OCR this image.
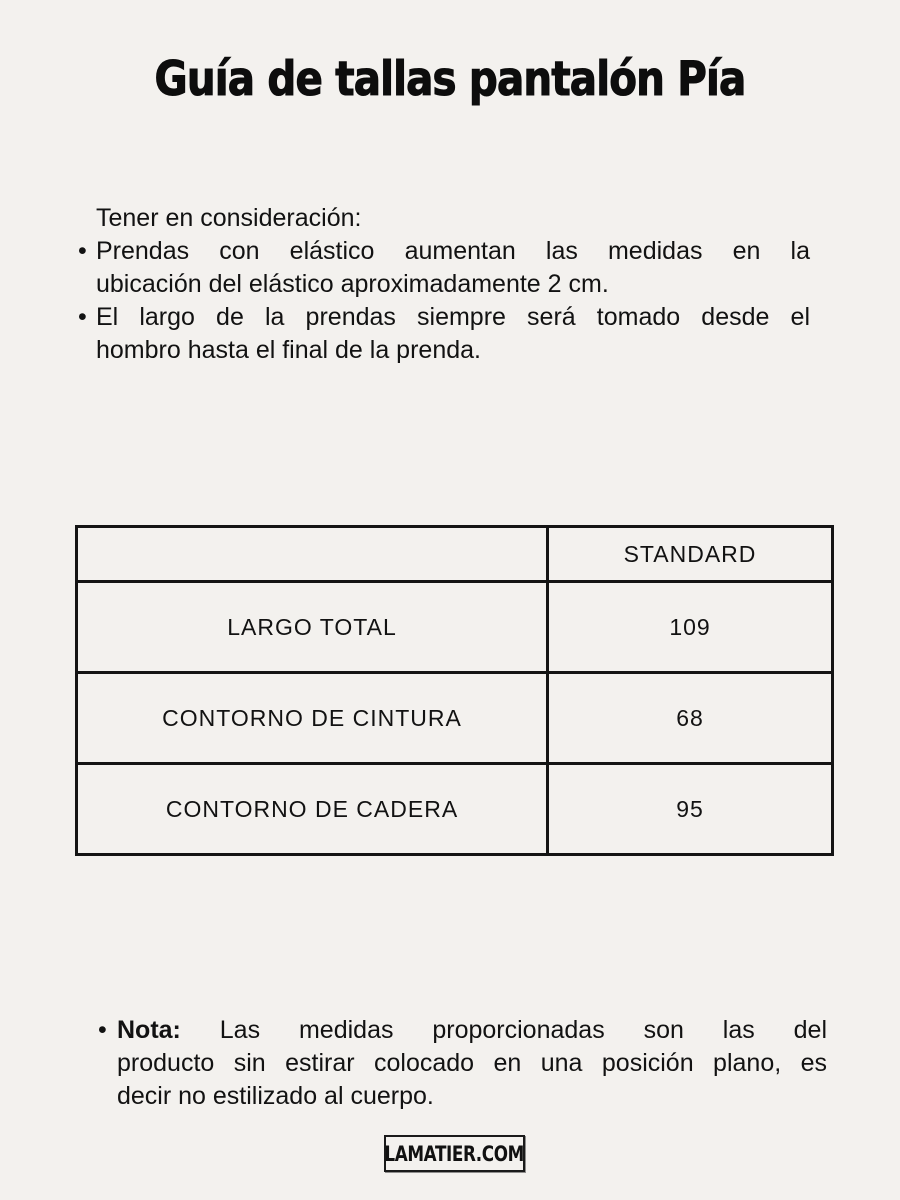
Guía de tallas pantalón Pía
Tener en consideración:
• Prendas con elástico aumentan las medidas en la
ubicación del elástico aproximadamente 2 cm.
• El largo de la prendas siempre será tomado desde el
hombro hasta el final de la prenda.
	STANDARD
LARGO TOTAL	109
CONTORNO DE CINTURA	68
CONTORNO DE CADERA	95
• Nota: Las medidas proporcionadas son las del
producto sin estirar colocado en una posición plano, es
decir no estilizado al cuerpo.
LAMATIER.COM
